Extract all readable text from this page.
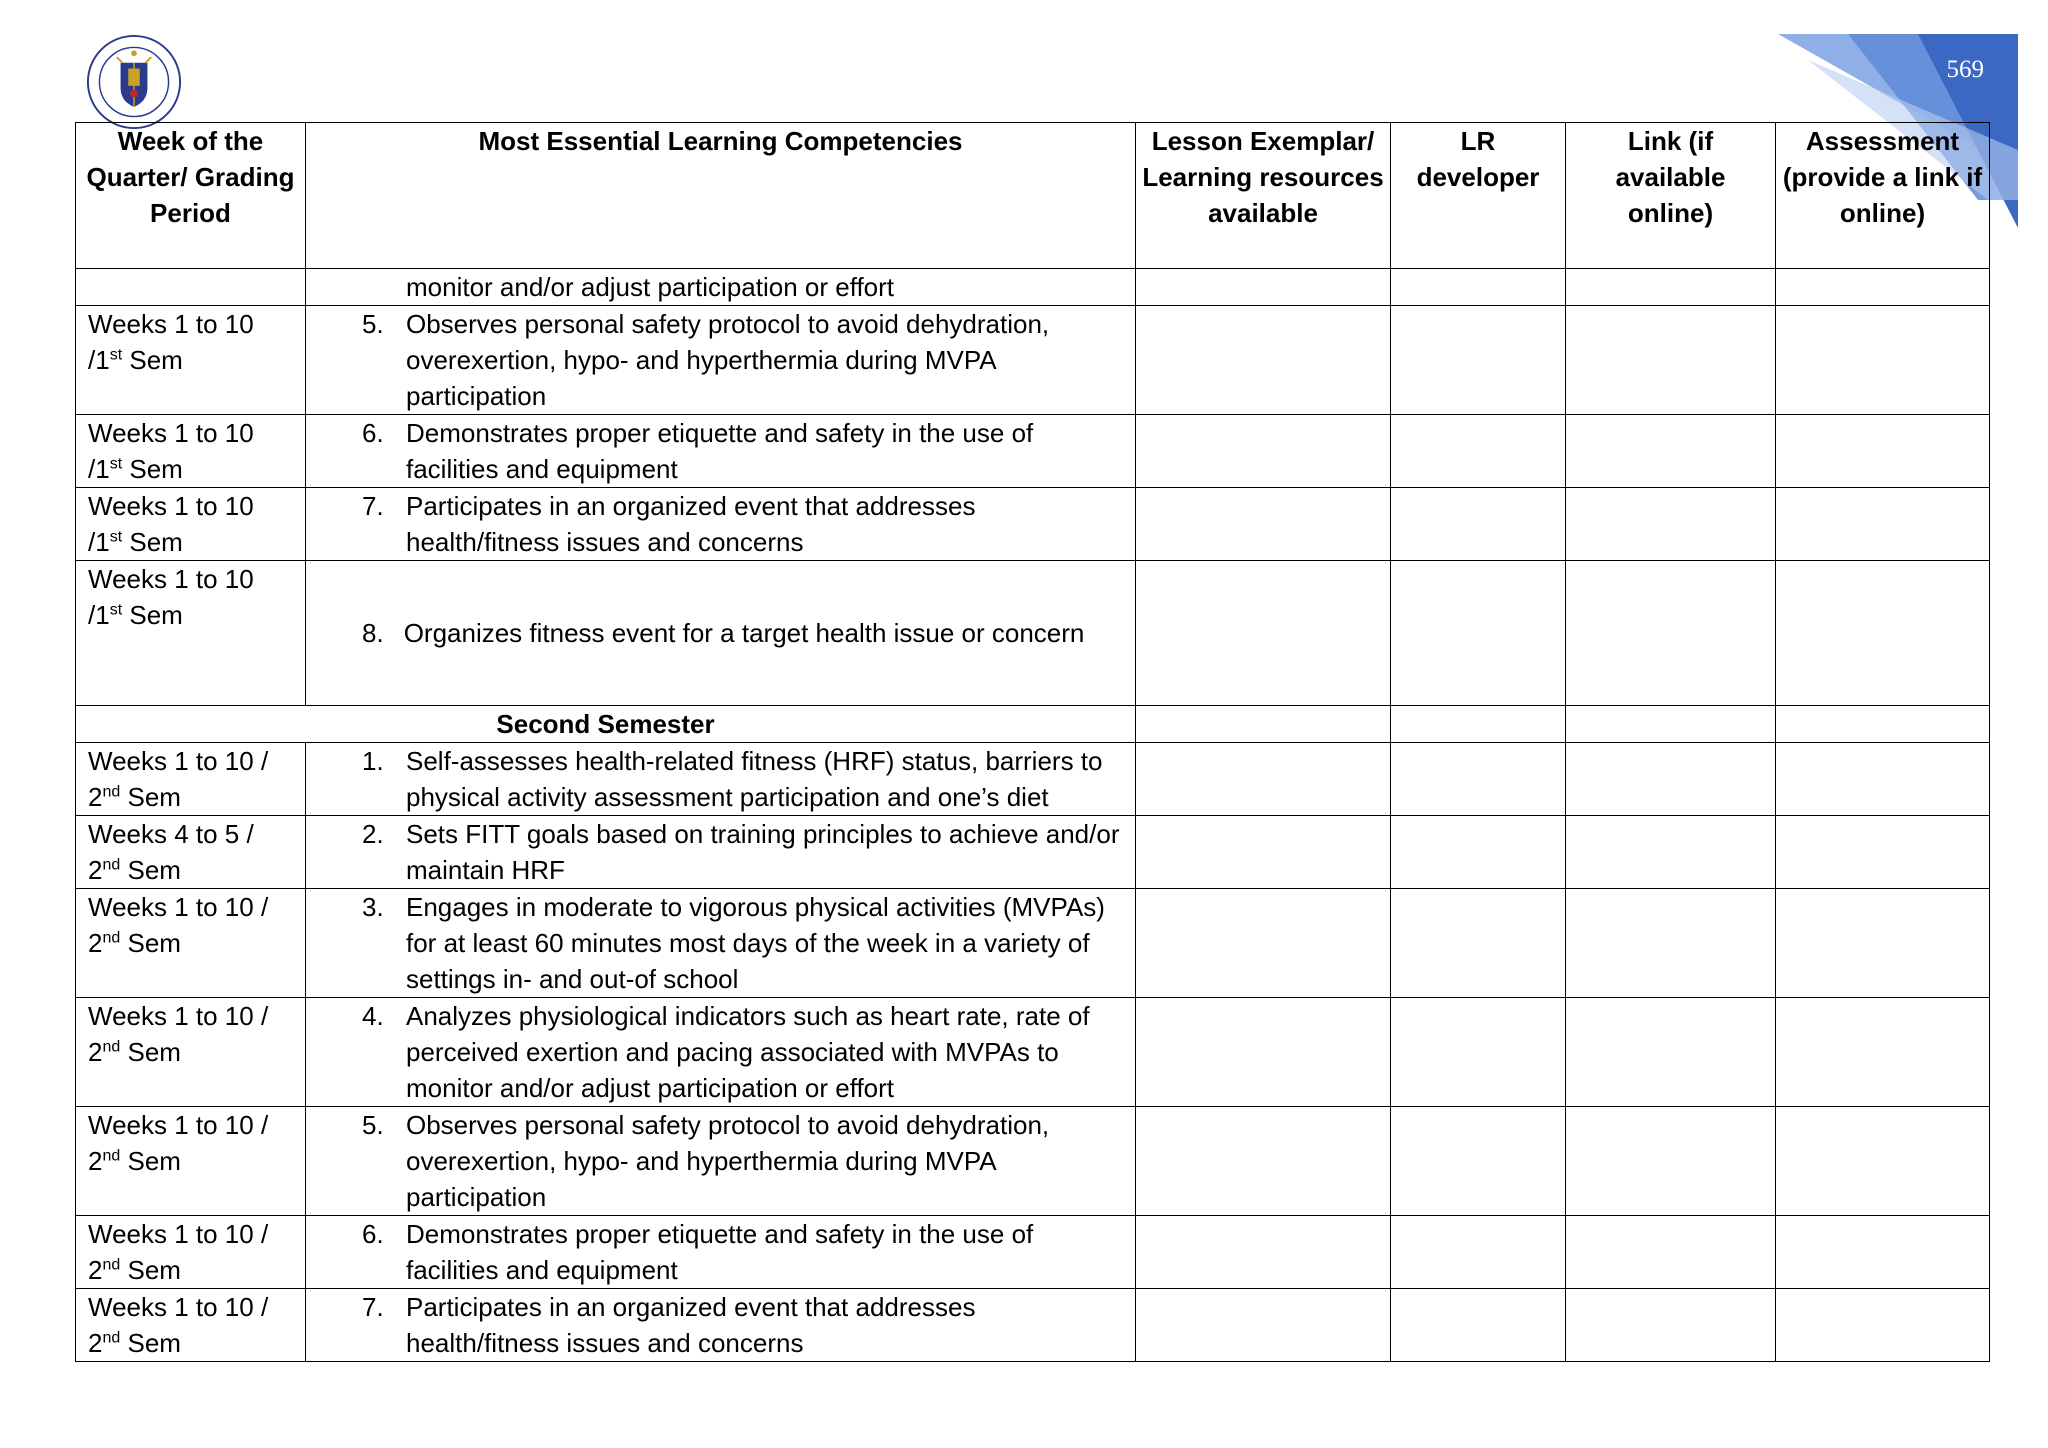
569
Week of the Quarter/ Grading Period	Most Essential Learning Competencies	Lesson Exemplar/ Learning resources available	LR developer	Link (if available online)	Assessment (provide a link if online)
	monitor and/or adjust participation or effort				
Weeks 1 to 10 /1st Sem	5. Observes personal safety protocol to avoid dehydration, overexertion, hypo- and hyperthermia during MVPA participation				
Weeks 1 to 10 /1st Sem	6. Demonstrates proper etiquette and safety in the use of facilities and equipment				
Weeks 1 to 10 /1st Sem	7. Participates in an organized event that addresses health/fitness issues and concerns				
Weeks 1 to 10 /1st Sem	8. Organizes fitness event for a target health issue or concern				
Second Semester					
Weeks 1 to 10 / 2nd Sem	1. Self-assesses health-related fitness (HRF) status, barriers to physical activity assessment participation and one’s diet				
Weeks 4 to 5 / 2nd Sem	2. Sets FITT goals based on training principles to achieve and/or maintain HRF				
Weeks 1 to 10 / 2nd Sem	3. Engages in moderate to vigorous physical activities (MVPAs) for at least 60 minutes most days of the week in a variety of settings in- and out-of school				
Weeks 1 to 10 / 2nd Sem	4. Analyzes physiological indicators such as heart rate, rate of perceived exertion and pacing associated with MVPAs to monitor and/or adjust participation or effort				
Weeks 1 to 10 / 2nd Sem	5. Observes personal safety protocol to avoid dehydration, overexertion, hypo- and hyperthermia during MVPA participation				
Weeks 1 to 10 / 2nd Sem	6. Demonstrates proper etiquette and safety in the use of facilities and equipment				
Weeks 1 to 10 / 2nd Sem	7. Participates in an organized event that addresses health/fitness issues and concerns				
